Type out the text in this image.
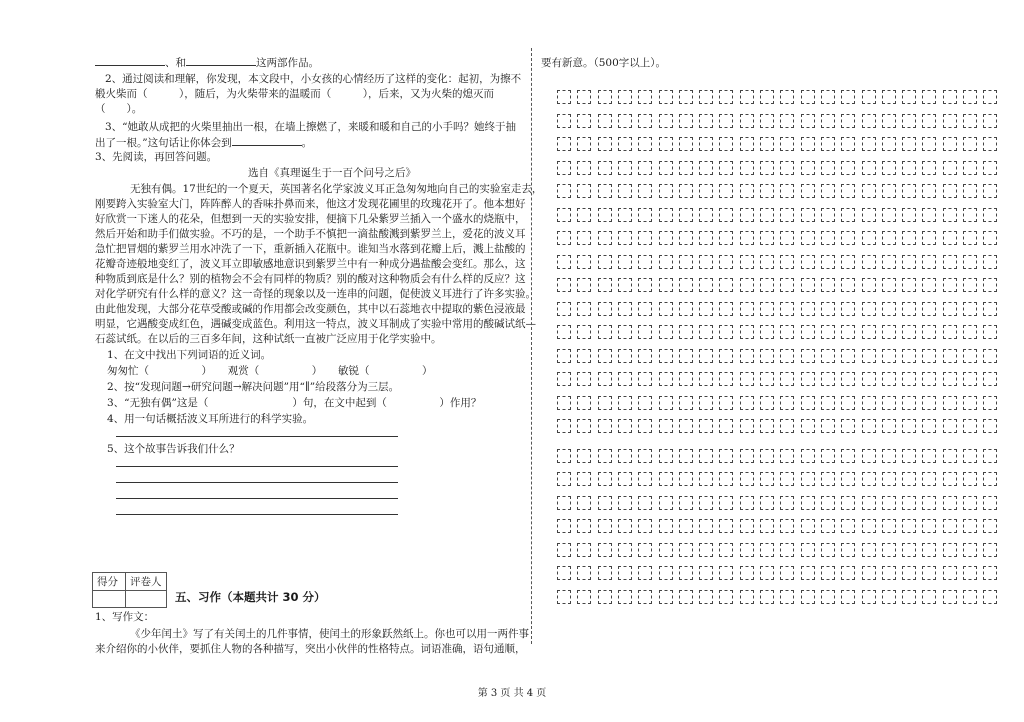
、和	这两部作品。
2、通过阅读和理解，你发现，本文段中，小女孩的心情经历了这样的变化：起初，为擦不
椴火柴而（　　　），随后，为火柴带来的温暖而（　　　），后来，又为火柴的熄灭而
（　　）。
3、“她敢从成把的火柴里抽出一根，在墙上擦燃了，来暖和暖和自己的小手吗？她终于抽
出了一根。”这句话让你体会到	。
3、先阅读，再回答问题。
选自《真理诞生于一百个问号之后》
无独有偶。17世纪的一个夏天，英国著名化学家波义耳正急匆匆地向自己的实验室走去，
刚要跨入实验室大门，阵阵醉人的香味扑鼻而来，他这才发现花圃里的玫瑰花开了。他本想好
好欣赏一下迷人的花朵，但想到一天的实验安排，便摘下几朵紫罗兰插入一个盛水的烧瓶中，
然后开始和助手们做实验。不巧的是，一个助手不慎把一滴盐酸溅到紫罗兰上，爱花的波义耳
急忙把冒烟的紫罗兰用水冲洗了一下，重新插入花瓶中。谁知当水落到花瓣上后，溅上盐酸的
花瓣奇迹般地变红了，波义耳立即敏感地意识到紫罗兰中有一种成分遇盐酸会变红。那么，这
种物质到底是什么？别的植物会不会有同样的物质？别的酸对这种物质会有什么样的反应？这
对化学研究有什么样的意义？这一奇怪的现象以及一连串的问题，促使波义耳进行了许多实验。
由此他发现，大部分花草受酸或碱的作用都会改变颜色，其中以石蕊地衣中提取的紫色浸液最
明显，它遇酸变成红色，遇碱变成蓝色。利用这一特点，波义耳制成了实验中常用的酸碱试纸—
石蕊试纸。在以后的三百多年间，这种试纸一直被广泛应用于化学实验中。
1、在文中找出下列词语的近义词。
匆匆忙（　　　　　）　　观赏（　　　　　）　　敏锐（　　　　　）
2、按“发现问题→研究问题→解决问题”用“∥”给段落分为三层。
3、“无独有偶”这是（　　　　　　　　）句，在文中起到（　　　　　）作用？
4、用一句话概括波义耳所进行的科学实验。
5、这个故事告诉我们什么？
得分	评卷人

五、习作（本题共计 30 分）
1、写作文：
《少年闰土》写了有关闰土的几件事情，使闰土的形象跃然纸上。你也可以用一两件事
来介绍你的小伙伴，要抓住人物的各种描写，突出小伙伴的性格特点。词语准确，语句通顺，
要有新意。（500字以上）。
第 3 页 共 4 页
